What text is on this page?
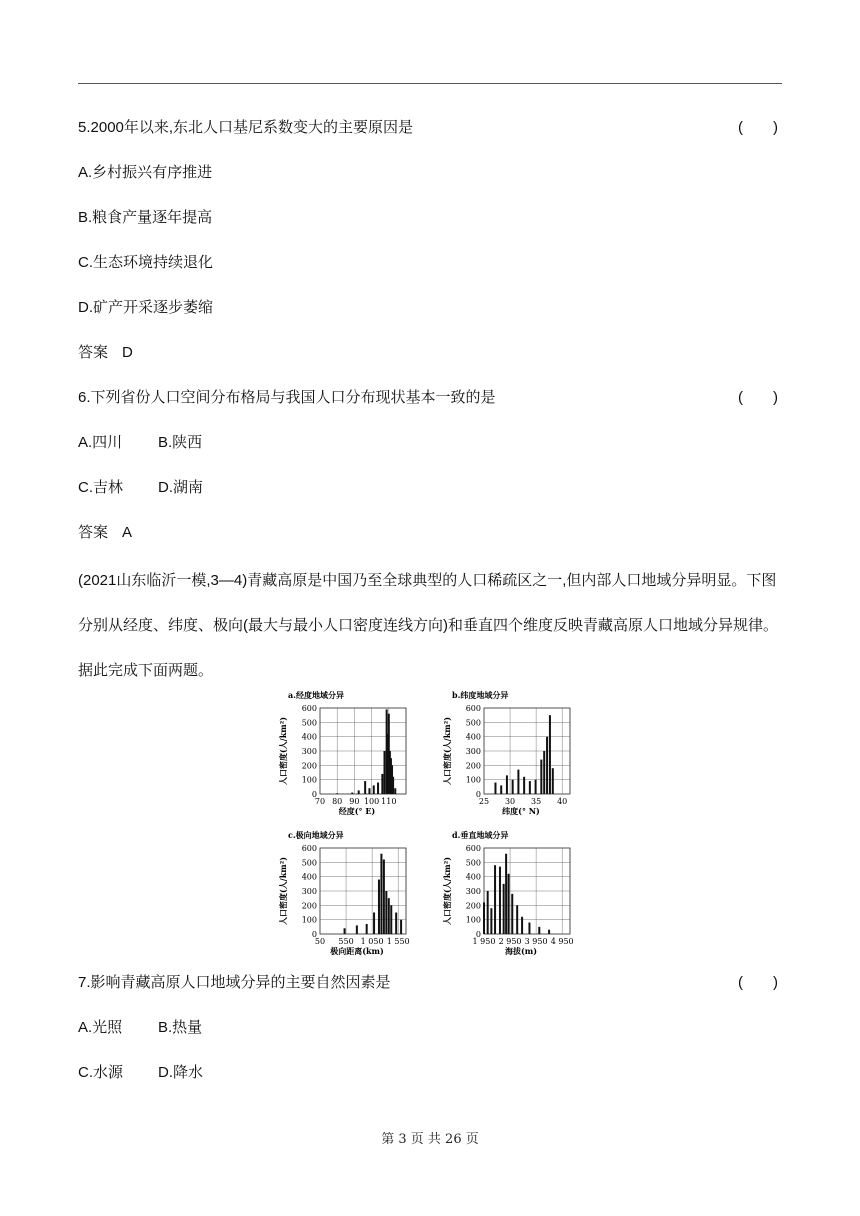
5.2000年以来,东北人口基尼系数变大的主要原因是	(　　)
A.乡村振兴有序推进
B.粮食产量逐年提高
C.生态环境持续退化
D.矿产开采逐步萎缩
答案 D
6.下列省份人口空间分布格局与我国人口分布现状基本一致的是	(　　)
A.四川 B.陕西
C.吉林 D.湖南
答案 A
(2021山东临沂一模,3—4)青藏高原是中国乃至全球典型的人口稀疏区之一,但内部人口地域分异明显。下图分别从经度、纬度、极向(最大与最小人口密度连线方向)和垂直四个维度反映青藏高原人口地域分异规律。据此完成下面两题。
a.经度地域分异
600
500
400
300
200
100
0
70 80 90 100 110
人口密度(人/km²)
经度(° E)
b.纬度地域分异
600
500
400
300
200
100
0
25 30 35 40
人口密度(人/km²)
纬度(° N)
c.极向地域分异
600
500
400
300
200
100
0
50 550 1 050 1 550
人口密度(人/km²)
极向距离(km)
d.垂直地域分异
600
500
400
300
200
100
0
1 950 2 950 3 950 4 950
人口密度(人/km²)
海拔(m)
7.影响青藏高原人口地域分异的主要自然因素是	(　　)
A.光照 B.热量
C.水源 D.降水
第 3 页 共 26 页
